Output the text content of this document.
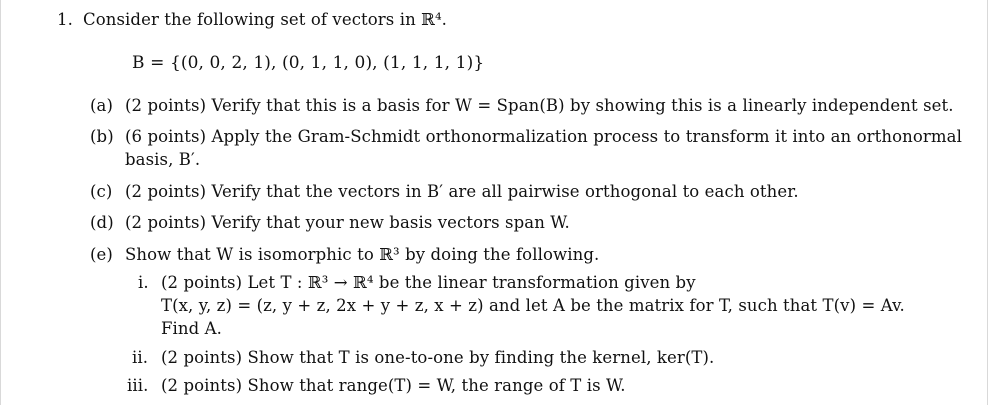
1. Consider the following set of vectors in ℝ⁴.
B = {(0, 0, 2, 1), (0, 1, 1, 0), (1, 1, 1, 1)}
(a) (2 points) Verify that this is a basis for W = Span(B) by showing this is a linearly independent set.
(b) (6 points) Apply the Gram-Schmidt orthonormalization process to transform it into an orthonormal
basis, B′.
(c) (2 points) Verify that the vectors in B′ are all pairwise orthogonal to each other.
(d) (2 points) Verify that your new basis vectors span W.
(e) Show that W is isomorphic to ℝ³ by doing the following.
i. (2 points) Let T : ℝ³ → ℝ⁴ be the linear transformation given by
T(x, y, z) = (z, y + z, 2x + y + z, x + z) and let A be the matrix for T, such that T(v) = Av.
Find A.
ii. (2 points) Show that T is one-to-one by finding the kernel, ker(T).
iii. (2 points) Show that range(T) = W, the range of T is W.
